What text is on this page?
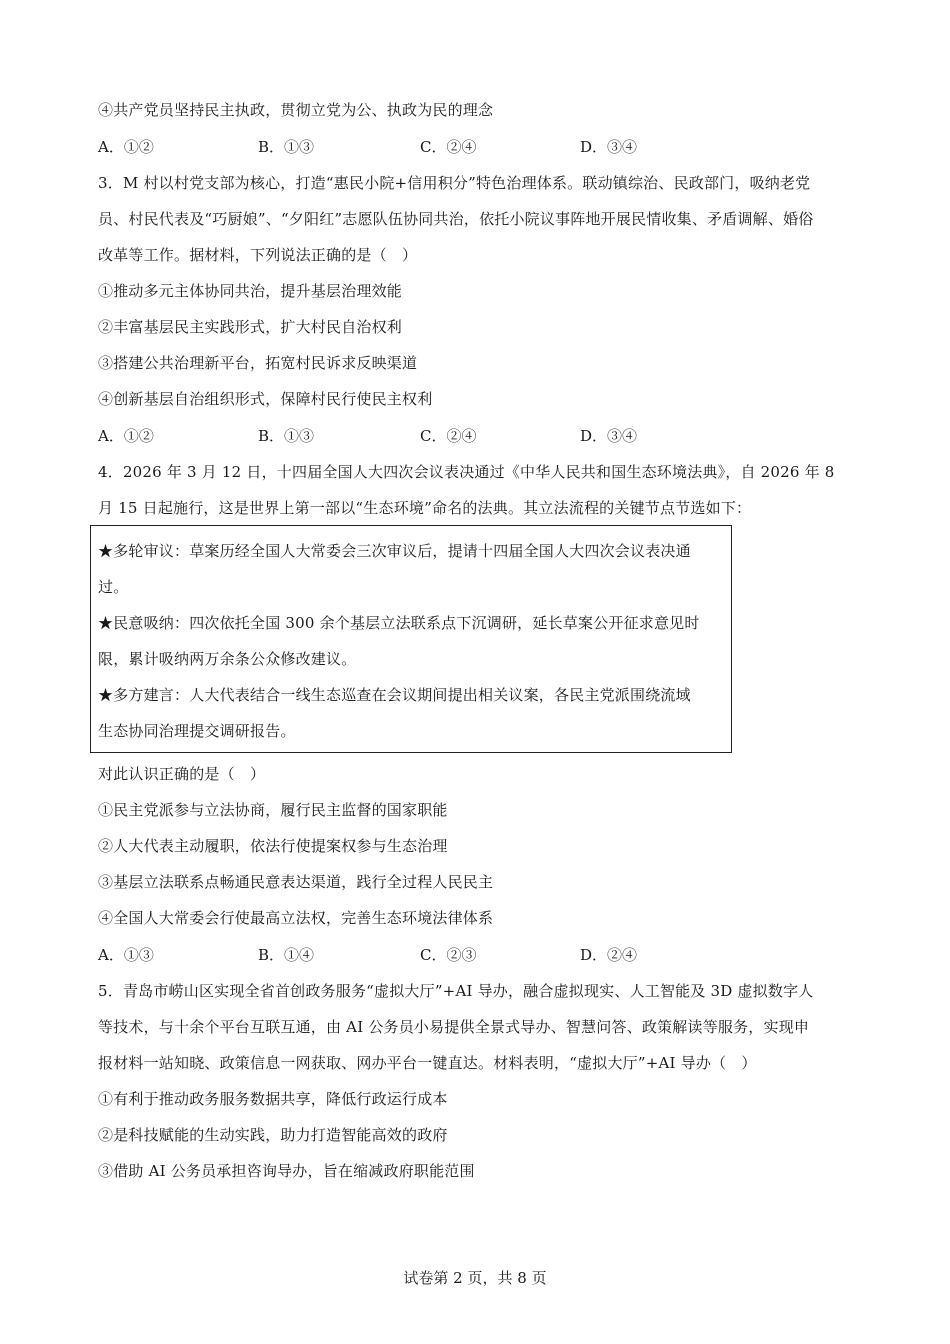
④共产党员坚持民主执政，贯彻立党为公、执政为民的理念
A．①②	B．①③	C．②④	D．③④
3．M 村以村党支部为核心，打造“惠民小院+信用积分”特色治理体系。联动镇综治、民政部门，吸纳老党
员、村民代表及“巧厨娘”、“夕阳红”志愿队伍协同共治，依托小院议事阵地开展民情收集、矛盾调解、婚俗
改革等工作。据材料，下列说法正确的是（　）
①推动多元主体协同共治，提升基层治理效能
②丰富基层民主实践形式，扩大村民自治权利
③搭建公共治理新平台，拓宽村民诉求反映渠道
④创新基层自治组织形式，保障村民行使民主权利
A．①②	B．①③	C．②④	D．③④
4．2026 年 3 月 12 日，十四届全国人大四次会议表决通过《中华人民共和国生态环境法典》，自 2026 年 8
月 15 日起施行，这是世界上第一部以“生态环境”命名的法典。其立法流程的关键节点节选如下：
★多轮审议：草案历经全国人大常委会三次审议后，提请十四届全国人大四次会议表决通
过。
★民意吸纳：四次依托全国 300 余个基层立法联系点下沉调研，延长草案公开征求意见时
限，累计吸纳两万余条公众修改建议。
★多方建言：人大代表结合一线生态巡查在会议期间提出相关议案，各民主党派围绕流域
生态协同治理提交调研报告。
对此认识正确的是（　）
①民主党派参与立法协商，履行民主监督的国家职能
②人大代表主动履职，依法行使提案权参与生态治理
③基层立法联系点畅通民意表达渠道，践行全过程人民民主
④全国人大常委会行使最高立法权，完善生态环境法律体系
A．①③	B．①④	C．②③	D．②④
5．青岛市崂山区实现全省首创政务服务“虚拟大厅”+AI 导办，融合虚拟现实、人工智能及 3D 虚拟数字人
等技术，与十余个平台互联互通，由 AI 公务员小易提供全景式导办、智慧问答、政策解读等服务，实现申
报材料一站知晓、政策信息一网获取、网办平台一键直达。材料表明，“虚拟大厅”+AI 导办（　）
①有利于推动政务服务数据共享，降低行政运行成本
②是科技赋能的生动实践，助力打造智能高效的政府
③借助 AI 公务员承担咨询导办，旨在缩减政府职能范围
试卷第 2 页，共 8 页
